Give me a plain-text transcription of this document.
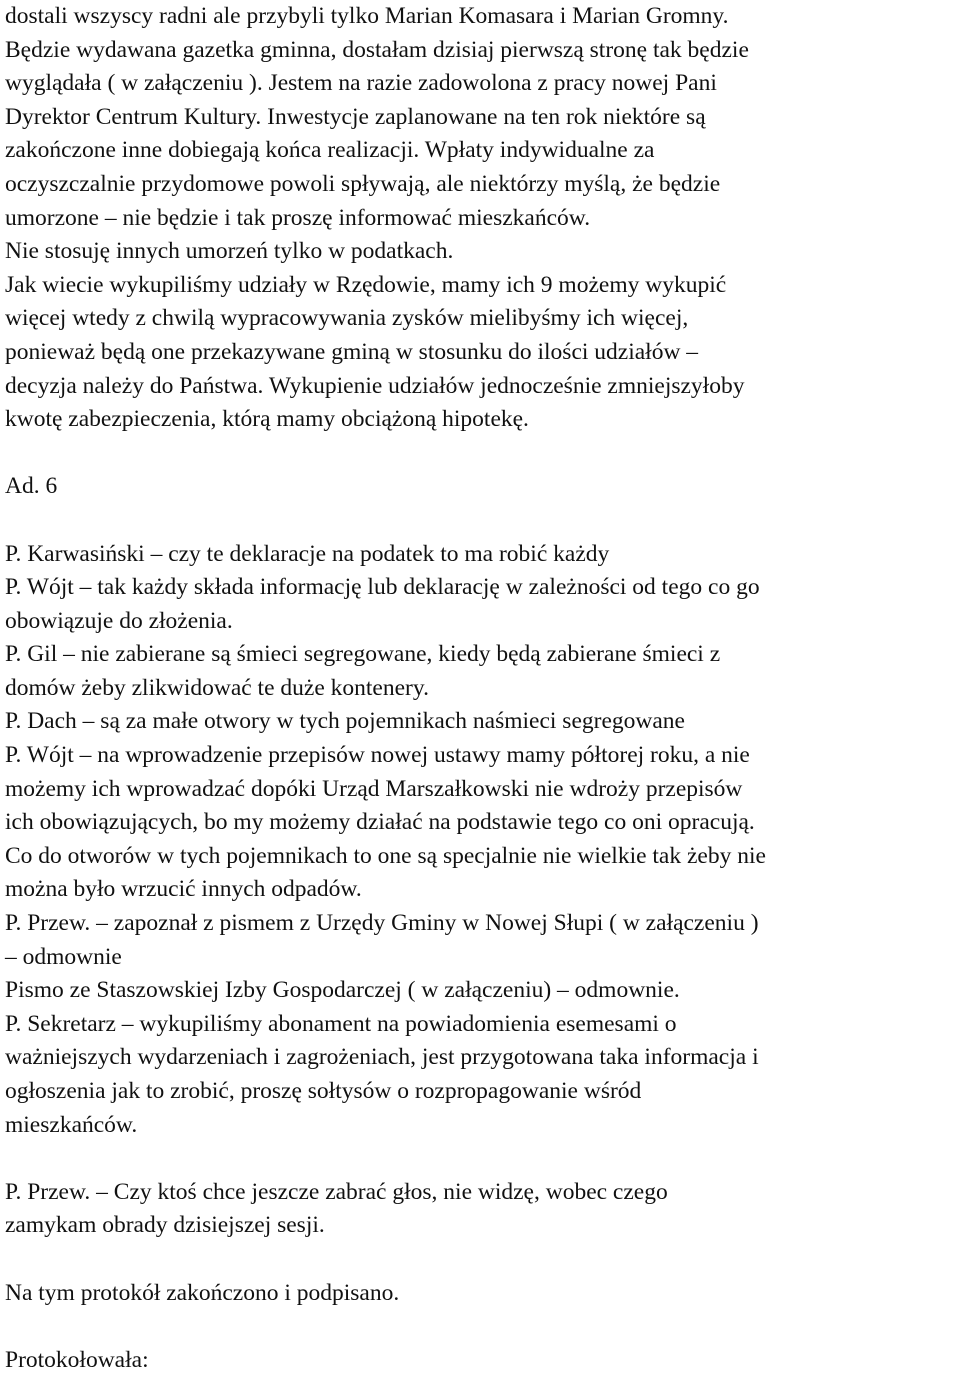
dostali wszyscy radni ale przybyli tylko Marian Komasara i Marian Gromny.
Będzie wydawana gazetka gminna, dostałam dzisiaj pierwszą stronę tak będzie
wyglądała ( w załączeniu ). Jestem na razie zadowolona z pracy nowej Pani
Dyrektor Centrum Kultury. Inwestycje zaplanowane na ten rok niektóre są
zakończone inne dobiegają końca realizacji. Wpłaty indywidualne za
oczyszczalnie przydomowe powoli spływają, ale niektórzy myślą, że będzie
umorzone – nie będzie i tak proszę informować mieszkańców.
Nie stosuję innych umorzeń tylko w podatkach.
Jak wiecie wykupiliśmy udziały w Rzędowie, mamy ich 9 możemy wykupić
więcej wtedy z chwilą wypracowywania zysków mielibyśmy ich więcej,
ponieważ będą one przekazywane gminą w stosunku do ilości udziałów –
decyzja należy do Państwa. Wykupienie udziałów jednocześnie zmniejszyłoby
kwotę zabezpieczenia, którą mamy obciążoną hipotekę.
Ad. 6
P. Karwasiński – czy te deklaracje na podatek to ma robić każdy
P. Wójt – tak każdy składa informację lub deklarację w zależności od tego co go
obowiązuje do złożenia.
P. Gil – nie zabierane są śmieci segregowane, kiedy będą zabierane śmieci z
domów żeby zlikwidować te duże kontenery.
P. Dach – są za małe otwory w tych pojemnikach naśmieci segregowane
P. Wójt – na wprowadzenie przepisów nowej ustawy mamy półtorej roku, a nie
możemy ich wprowadzać dopóki Urząd Marszałkowski nie wdroży przepisów
ich obowiązujących, bo my możemy działać na podstawie tego co oni opracują.
Co do otworów w tych pojemnikach to one są specjalnie nie wielkie tak żeby nie
można było wrzucić innych odpadów.
P. Przew. – zapoznał z pismem z Urzędy Gminy w Nowej Słupi ( w załączeniu )
– odmownie
Pismo ze Staszowskiej Izby Gospodarczej ( w załączeniu) – odmownie.
P. Sekretarz – wykupiliśmy abonament na powiadomienia esemesami o
ważniejszych wydarzeniach i zagrożeniach, jest przygotowana taka informacja i
ogłoszenia jak to zrobić, proszę sołtysów o rozpropagowanie wśród
mieszkańców.
P. Przew. – Czy ktoś chce jeszcze zabrać głos, nie widzę, wobec czego
zamykam obrady dzisiejszej sesji.
Na tym protokół zakończono i podpisano.
Protokołowała:
